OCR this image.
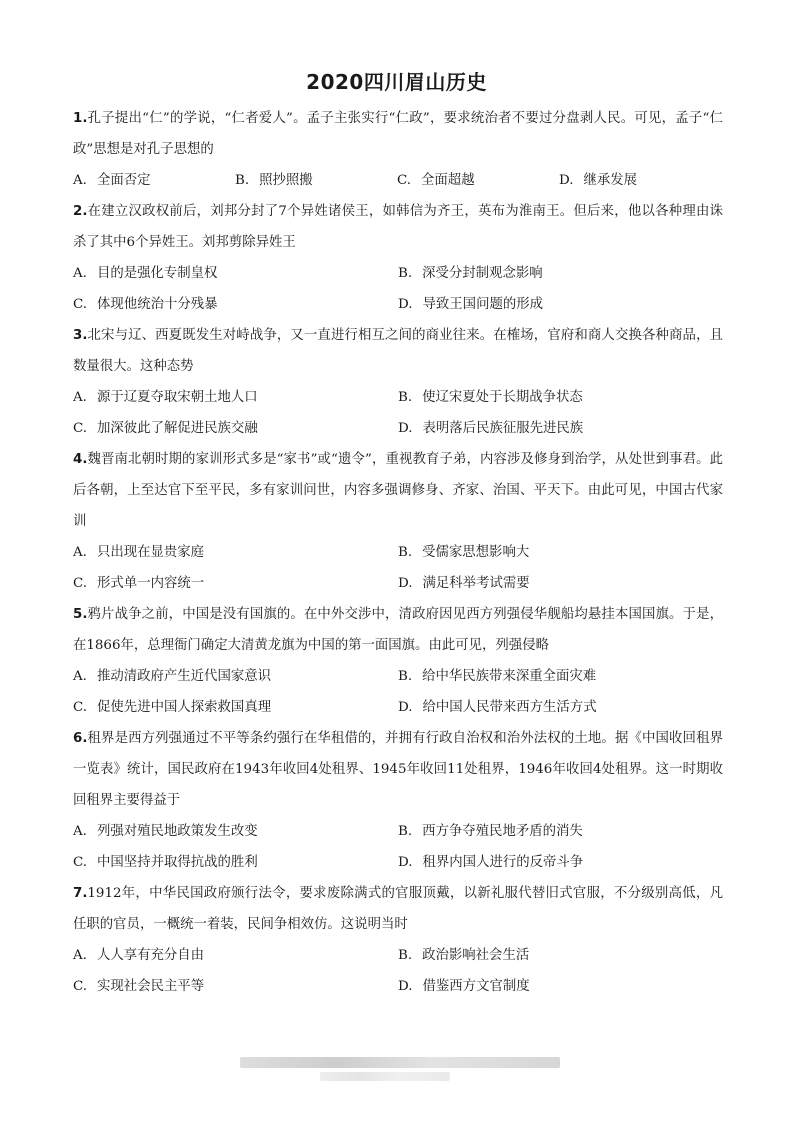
2020四川眉山历史
1.孔子提出“仁”的学说，“仁者爱人”。孟子主张实行“仁政”，要求统治者不要过分盘剥人民。可见，孟子“仁政”思想是对孔子思想的
A. 全面否定	B. 照抄照搬	C. 全面超越	D. 继承发展
2.在建立汉政权前后，刘邦分封了7个异姓诸侯王，如韩信为齐王，英布为淮南王。但后来，他以各种理由诛杀了其中6个异姓王。刘邦剪除异姓王
A. 目的是强化专制皇权	B. 深受分封制观念影响
C. 体现他统治十分残暴	D. 导致王国问题的形成
3.北宋与辽、西夏既发生对峙战争，又一直进行相互之间的商业往来。在榷场，官府和商人交换各种商品，且数量很大。这种态势
A. 源于辽夏夺取宋朝土地人口	B. 使辽宋夏处于长期战争状态
C. 加深彼此了解促进民族交融	D. 表明落后民族征服先进民族
4.魏晋南北朝时期的家训形式多是“家书”或“遗令”，重视教育子弟，内容涉及修身到治学，从处世到事君。此后各朝，上至达官下至平民，多有家训问世，内容多强调修身、齐家、治国、平天下。由此可见，中国古代家训
A. 只出现在显贵家庭	B. 受儒家思想影响大
C. 形式单一内容统一	D. 满足科举考试需要
5.鸦片战争之前，中国是没有国旗的。在中外交涉中，清政府因见西方列强侵华舰船均悬挂本国国旗。于是，在1866年，总理衙门确定大清黄龙旗为中国的第一面国旗。由此可见，列强侵略
A. 推动清政府产生近代国家意识	B. 给中华民族带来深重全面灾难
C. 促使先进中国人探索救国真理	D. 给中国人民带来西方生活方式
6.租界是西方列强通过不平等条约强行在华租借的，并拥有行政自治权和治外法权的土地。据《中国收回租界一览表》统计，国民政府在1943年收回4处租界、1945年收回11处租界，1946年收回4处租界。这一时期收回租界主要得益于
A. 列强对殖民地政策发生改变	B. 西方争夺殖民地矛盾的消失
C. 中国坚持并取得抗战的胜利	D. 租界内国人进行的反帝斗争
7.1912年，中华民国政府颁行法令，要求废除满式的官服顶戴，以新礼服代替旧式官服，不分级别高低，凡任职的官员，一概统一着装，民间争相效仿。这说明当时
A. 人人享有充分自由	B. 政治影响社会生活
C. 实现社会民主平等	D. 借鉴西方文官制度
